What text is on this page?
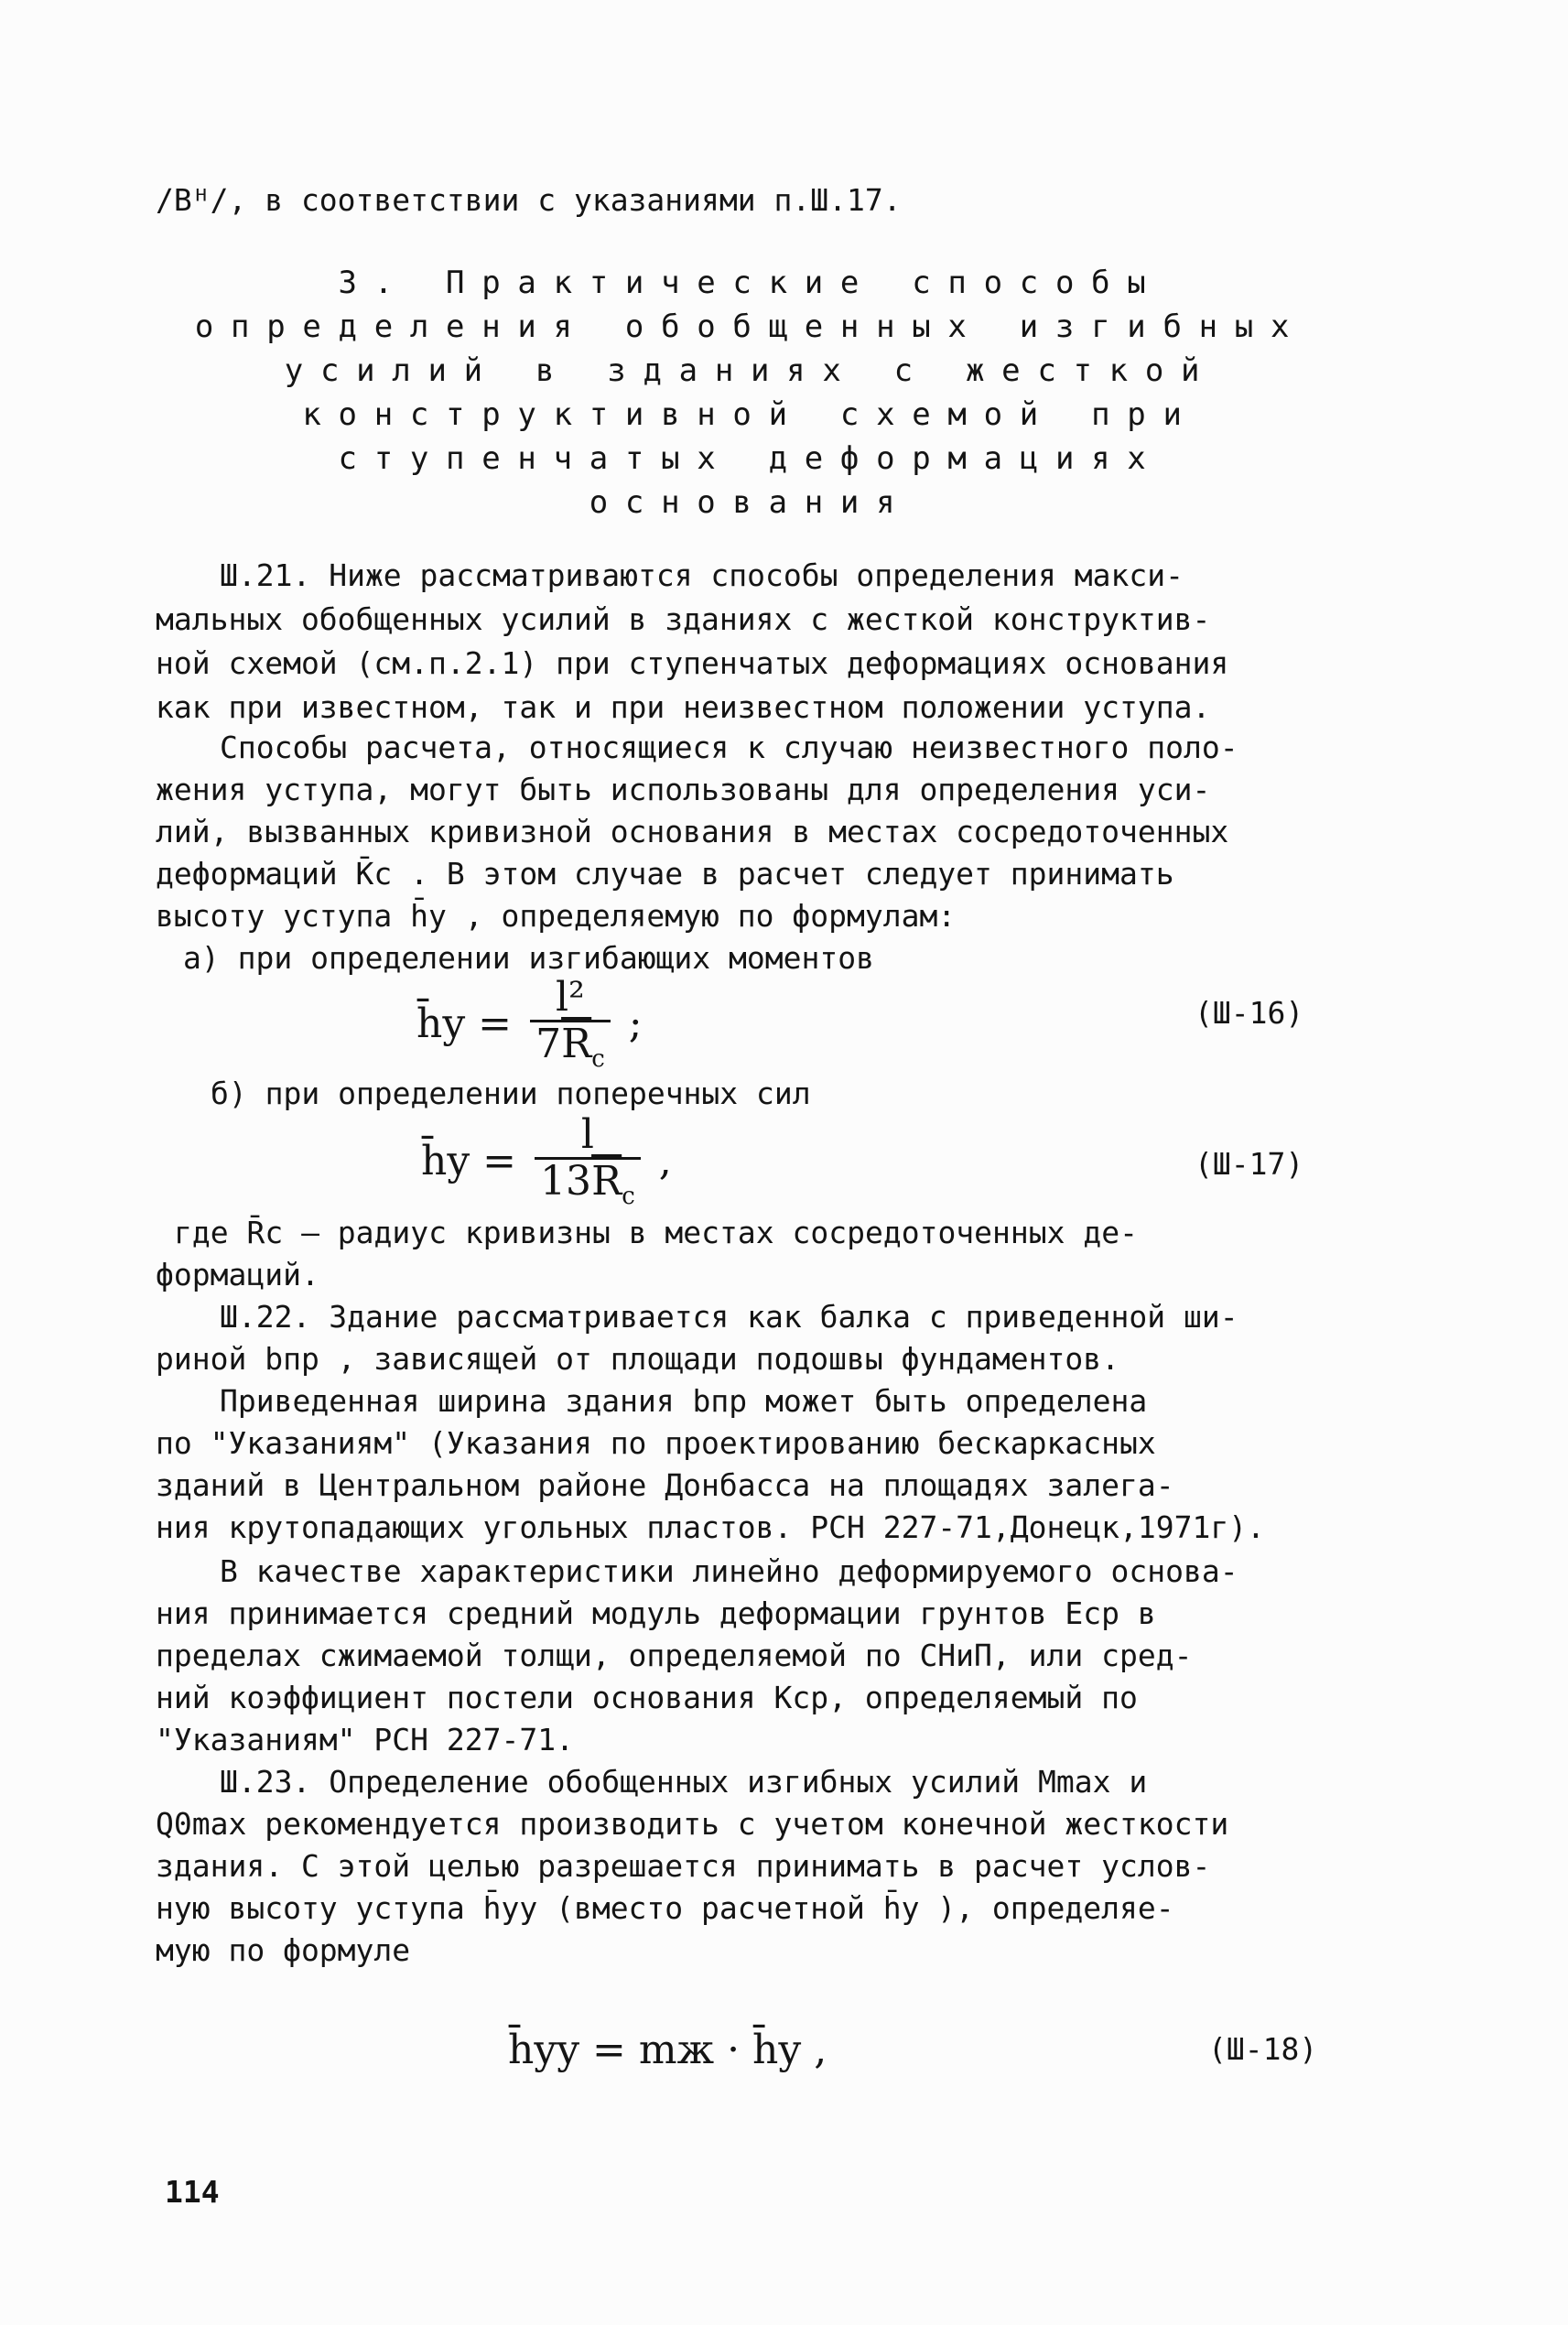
/Bᴴ/, в соответствии с указаниями п.Ш.17.
3. Практические способы
определения обобщенных изгибных
усилий в зданиях с жесткой
конструктивной схемой при
ступенчатых деформациях
основания
Ш.21. Ниже рассматриваются способы определения макси-
мальных обобщенных усилий в зданиях с жесткой конструктив-
ной схемой (см.п.2.1) при ступенчатых деформациях основания
как при известном, так и при неизвестном положении уступа.
Способы расчета, относящиеся к случаю неизвестного поло-
жения уступа, могут быть использованы для определения уси-
лий, вызванных кривизной основания в местах сосредоточенных
деформаций K̄c . В этом случае в расчет следует принимать
высоту уступа h̄y , определяемую по формулам:
а) при определении изгибающих моментов
h̄y = $\frac{\text{l²}}{7\overline{R}_c}$ ;	(Ш-16)
б) при определении поперечных сил
h̄y = $\frac{l}{13\overline{R}_c}$ ,	(Ш-17)
где R̄c – радиус кривизны в местах сосредоточенных де-
формаций.
Ш.22. Здание рассматривается как балка с приведенной ши-
риной bпр , зависящей от площади подошвы фундаментов.
Приведенная ширина здания bпр может быть определена
по "Указаниям" (Указания по проектированию бескаркасных
зданий в Центральном районе Донбасса на площадях залега-
ния крутопадающих угольных пластов. РСН 227-71,Донецк,1971г).
В качестве характеристики линейно деформируемого основа-
ния принимается средний модуль деформации грунтов Eср в
пределах сжимаемой толщи, определяемой по СНиП, или сред-
ний коэффициент постели основания Kср, определяемый по
"Указаниям" РСН 227-71.
Ш.23. Определение обобщенных изгибных усилий Mmax и
Q0max рекомендуется производить с учетом конечной жесткости
здания. С этой целью разрешается принимать в расчет услов-
ную высоту уступа h̄yy (вместо расчетной h̄y ), определяе-
мую по формуле
h̄yy = mж · h̄y ,	(Ш-18)
114
